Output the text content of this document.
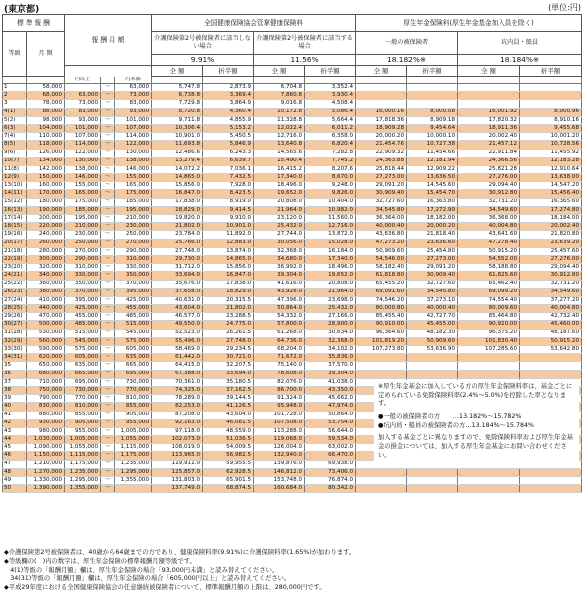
(東京都)	(単位:円)
標 準 報 酬		報 酬 月 額			全国健康保険協会管掌健康保険料				厚生年金保険料(厚生年金基金加入員を除く)			
等級	月 額				介護保険第2号被保険者に該当しない場合		介護保険第2号被保険者に該当する場合		一般の被保険者		坑内員・船員	
					9.91%		11.56%		18.182%※		18.184%※	
					全 額	折半額	全 額	折半額	全 額	折半額	全 額	折半額
		円以上		円未満								
1	58,000		～	63,000	5,747.8	2,873.9	6,704.8	3,352.4				
2	68,000	63,000	～	73,000	6,738.8	3,369.4	7,860.8	3,930.4				
3	78,000	73,000	～	83,000	7,729.8	3,864.9	9,016.8	4,508.4				
4(1)	88,000	83,000	～	93,000	8,720.8	4,360.4	10,172.8	5,086.4	16,000.16	8,000.08	16,001.92	8,000.96
5(2)	98,000	93,000	～	101,000	9,711.8	4,855.9	11,328.8	5,664.4	17,818.36	8,909.18	17,820.32	8,910.16
6(3)	104,000	101,000	～	107,000	10,306.4	5,153.2	12,022.4	6,011.2	18,909.28	9,454.64	18,911.36	9,455.68
7(4)	110,000	107,000	～	114,000	10,901.0	5,450.5	12,716.0	6,358.0	20,000.20	10,000.10	20,002.40	10,001.20
8(5)	118,000	114,000	～	122,000	11,693.8	5,846.9	13,640.8	6,820.4	21,454.76	10,727.38	21,457.12	10,728.56
9(6)	126,000	122,000	～	130,000	12,486.6	6,243.3	14,565.6	7,282.8	22,909.32	11,454.66	22,911.84	11,455.92
10(7)	134,000	130,000	～	138,000	13,279.4	6,639.7	15,490.4	7,745.2	24,363.88	12,181.94	24,366.56	12,183.28
11(8)	142,000	138,000	～	146,000	14,072.2	7,036.1	16,415.2	8,207.6	25,818.44	12,909.22	25,821.28	12,910.64
12(9)	150,000	146,000	～	155,000	14,865.0	7,432.5	17,340.0	8,670.0	27,273.00	13,636.50	27,276.00	13,638.00
13(10)	160,000	155,000	～	165,000	15,856.0	7,928.0	18,496.0	9,248.0	29,091.20	14,545.60	29,094.40	14,547.20
14(11)	170,000	165,000	～	175,000	16,847.0	8,423.5	19,652.0	9,826.0	30,909.40	15,454.70	30,912.80	15,456.40
15(12)	180,000	175,000	～	185,000	17,838.0	8,919.0	20,808.0	10,404.0	32,727.60	16,363.80	32,731.20	16,365.60
16(13)	190,000	185,000	～	195,000	18,829.0	9,414.5	21,964.0	10,982.0	34,545.80	17,272.90	34,549.60	17,274.80
17(14)	200,000	195,000	～	210,000	19,820.0	9,910.0	23,120.0	11,560.0	36,364.00	18,182.00	36,368.00	18,184.00
18(15)	220,000	210,000	～	230,000	21,802.0	10,901.0	25,432.0	12,716.0	40,000.40	20,000.20	40,004.80	20,002.40
19(16)	240,000	230,000	～	250,000	23,784.0	11,892.0	27,744.0	13,872.0	43,636.80	21,818.40	43,641.60	21,820.80
20(17)	260,000	250,000	～	270,000	25,766.0	12,883.0	30,056.0	15,028.0	47,273.20	23,636.60	47,278.40	23,639.20
21(18)	280,000	270,000	～	290,000	27,748.0	13,874.0	32,368.0	16,184.0	50,909.60	25,454.80	50,915.20	25,457.60
22(19)	300,000	290,000	～	310,000	29,730.0	14,865.0	34,680.0	17,340.0	54,546.00	27,273.00	54,552.00	27,276.00
23(20)	320,000	310,000	～	330,000	31,712.0	15,856.0	36,992.0	18,496.0	58,182.40	29,091.20	58,188.80	29,094.40
24(21)	340,000	330,000	～	350,000	33,694.0	16,847.0	39,304.0	19,652.0	61,818.80	30,909.40	61,825.60	30,912.80
25(22)	360,000	350,000	～	370,000	35,676.0	17,838.0	41,616.0	20,808.0	65,455.20	32,727.60	65,462.40	32,731.20
26(23)	380,000	370,000	～	395,000	37,658.0	18,829.0	43,928.0	21,964.0	69,091.60	34,545.80	69,099.20	34,549.60
27(24)	410,000	395,000	～	425,000	40,631.0	20,315.5	47,396.0	23,698.0	74,546.20	37,273.10	74,554.40	37,277.20
28(25)	440,000	425,000	～	455,000	43,604.0	21,802.0	50,864.0	25,432.0	80,000.80	40,000.40	80,009.60	40,004.80
29(26)	470,000	455,000	～	485,000	46,577.0	23,288.5	54,332.0	27,166.0	85,455.40	42,727.70	85,464.80	42,732.40
30(27)	500,000	485,000	～	515,000	49,550.0	24,775.0	57,800.0	28,900.0	90,910.00	45,455.00	90,920.00	45,460.00
31(28)	530,000	515,000	～	545,000	52,523.0	26,261.5	61,268.0	30,634.0	96,364.60	48,182.30	96,375.20	48,187.60
32(29)	560,000	545,000	～	575,000	55,496.0	27,748.0	64,736.0	32,368.0	101,819.20	50,909.60	101,830.40	50,915.20
33(30)	590,000	575,000	～	605,000	58,469.0	29,234.5	68,204.0	34,102.0	107,273.80	53,636.90	107,285.60	53,642.80
34(31)	620,000	605,000	～	635,000	61,442.0	30,721.0	71,672.0	35,836.0				
35	650,000	635,000	～	665,000	64,415.0	32,207.5	75,140.0	37,570.0				
36	680,000	665,000	～	695,000	67,388.0	33,694.0	78,608.0	39,304.0				
37	710,000	695,000	～	730,000	70,361.0	35,180.5	82,076.0	41,038.0				
38	750,000	730,000	～	770,000	74,325.0	37,162.5	86,700.0	43,350.0				
39	790,000	770,000	～	810,000	78,289.0	39,144.5	91,324.0	45,662.0				
40	830,000	810,000	～	855,000	82,253.0	41,126.5	95,948.0	47,974.0				
41	880,000	855,000	～	905,000	87,208.0	43,604.0	101,728.0	50,864.0				
42	930,000	905,000	～	955,000	92,163.0	46,081.5	107,508.0	53,754.0				
43	980,000	955,000	～	1,005,000	97,118.0	48,559.0	113,288.0	56,644.0				
44	1,030,000	1,005,000	～	1,055,000	102,073.0	51,036.5	119,068.0	59,534.0				
45	1,090,000	1,055,000	～	1,115,000	108,019.0	54,009.5	126,004.0	63,002.0				
46	1,150,000	1,115,000	～	1,175,000	113,965.0	56,982.5	132,940.0	66,470.0				
47	1,210,000	1,175,000	～	1,235,000	119,911.0	59,955.5	139,876.0	69,938.0				
48	1,270,000	1,235,000	～	1,295,000	125,857.0	62,928.5	146,812.0	73,406.0				
49	1,330,000	1,295,000	～	1,355,000	131,803.0	65,901.5	153,748.0	76,874.0				
50	1,390,000	1,355,000	～		137,749.0	68,874.5	160,684.0	80,342.0				

※厚生年金基金に加入している方の厚生年金保険料率は、基金ごとに定められている免除保険料率(2.4%～5.0%)を控除した率となります。

●一般の被保険者の方　　…13.182%～15.782%

●坑内員・船員の被保険者の方…13.184%～15.784%

加入する基金ごとに異なりますので、免除保険料率および厚生年金基金の掛金については、加入する厚生年金基金にお問い合わせください。

◆介護保険第2号被保険者は、40歳から64歳までの方であり、健康保険料率(9.91%)に介護保険料率(1.65%)が加わります。
◆等級欄の(　)内の数字は、厚生年金保険の標準報酬月額等級です。
　4(1)等級の「報酬月額」欄は、厚生年金保険の場合「93,000円未満」と読み替えてください。
　34(31)等級の「報酬月額」欄は、厚生年金保険の場合「605,000円以上」と読み替えてください。
◆平成29年度における全国健康保険協会の任意継続被保険者について、標準報酬月額の上限は、280,000円です。
